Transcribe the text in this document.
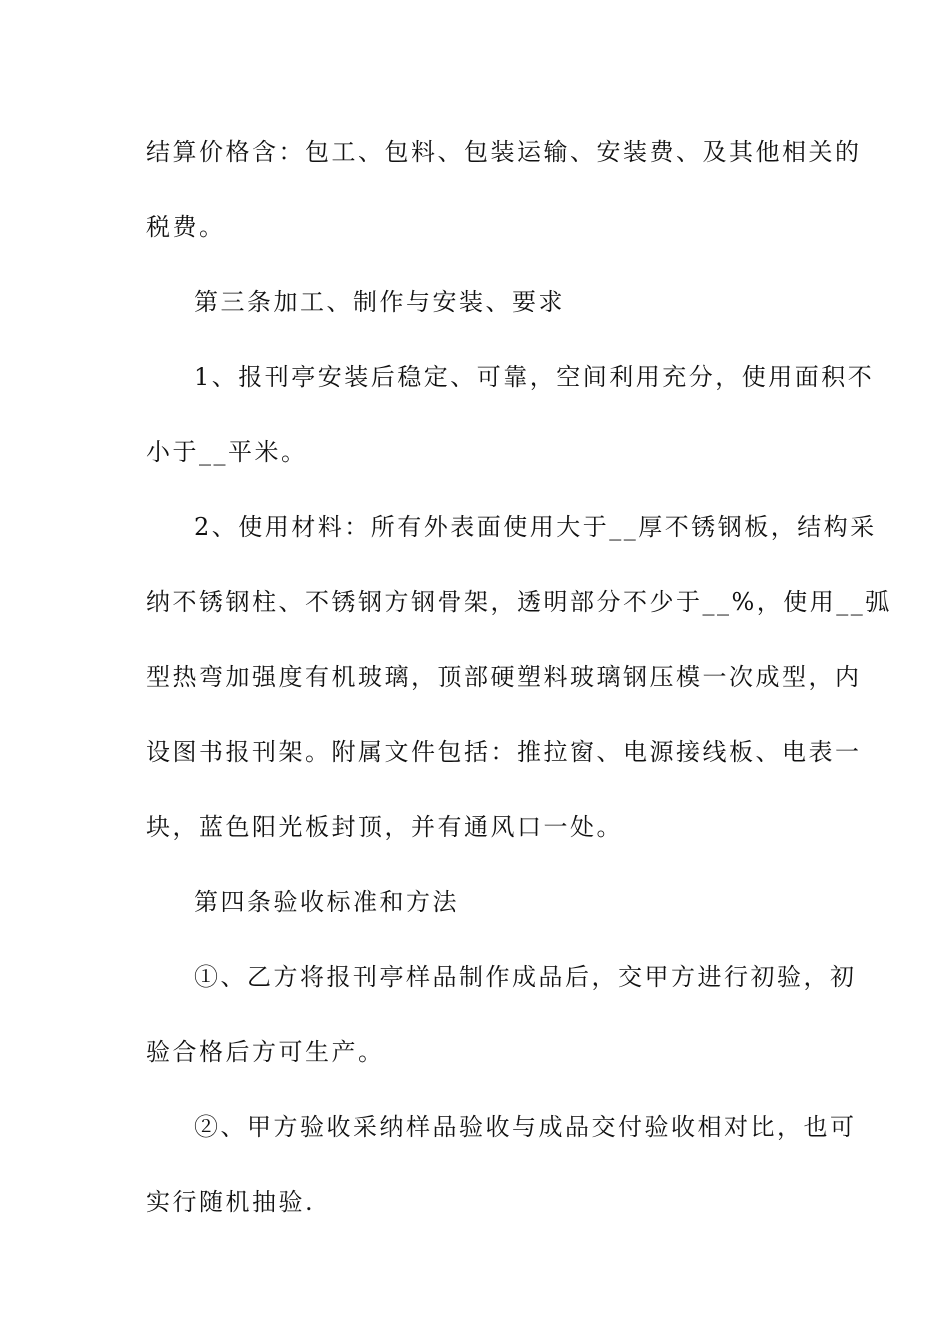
结算价格含：包工、包料、包装运输、安装费、及其他相关的
税费。
第三条加工、制作与安装、要求
1、报刊亭安装后稳定、可靠，空间利用充分，使用面积不
小于__平米。
2、使用材料：所有外表面使用大于__厚不锈钢板，结构采
纳不锈钢柱、不锈钢方钢骨架，透明部分不少于__%，使用__弧
型热弯加强度有机玻璃，顶部硬塑料玻璃钢压模一次成型，内
设图书报刊架。附属文件包括：推拉窗、电源接线板、电表一
块，蓝色阳光板封顶，并有通风口一处。
第四条验收标准和方法
①、乙方将报刊亭样品制作成品后，交甲方进行初验，初
验合格后方可生产。
②、甲方验收采纳样品验收与成品交付验收相对比，也可
实行随机抽验.
